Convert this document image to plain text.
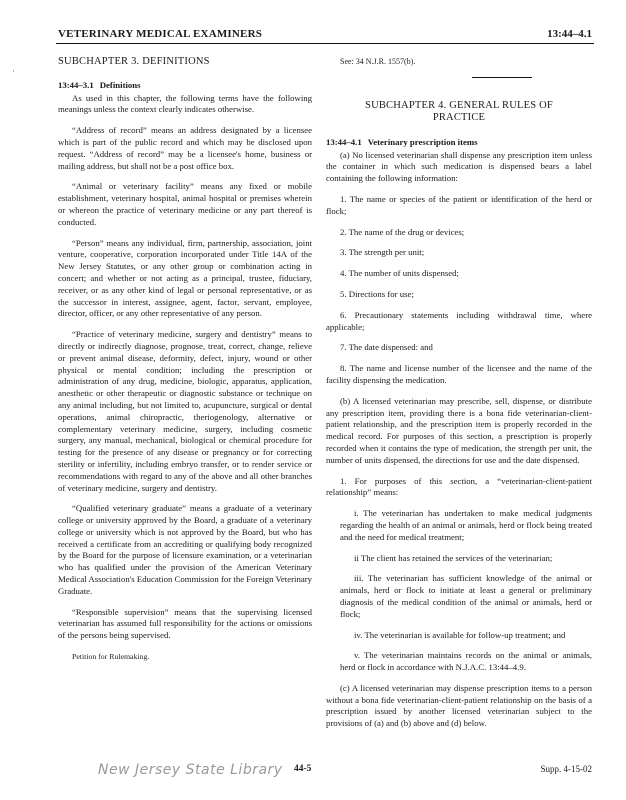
VETERINARY MEDICAL EXAMINERS	13:44–4.1
·
SUBCHAPTER 3. DEFINITIONS
13:44–3.1 Definitions

As used in this chapter, the following terms have the following meanings unless the context clearly indicates otherwise.

“Address of record” means an address designated by a licensee which is part of the public record and which may be disclosed upon request. “Address of record” may be a licensee's home, business or mailing address, but shall not be a post office box.

“Animal or veterinary facility” means any fixed or mobile establishment, veterinary hospital, animal hospital or premises wherein or whereon the practice of veterinary medicine or any part thereof is conducted.

“Person” means any individual, firm, partnership, association, joint venture, cooperative, corporation incorporated under Title 14A of the New Jersey Statutes, or any other group or combination acting in concert; and whether or not acting as a principal, trustee, fiduciary, receiver, or as any other kind of legal or personal representative, or as the successor in interest, assignee, agent, factor, servant, employee, director, officer, or any other representative of any person.

“Practice of veterinary medicine, surgery and dentistry” means to directly or indirectly diagnose, prognose, treat, correct, change, relieve or prevent animal disease, deformity, defect, injury, wound or other physical or mental condition; including the prescription or administration of any drug, medicine, biologic, apparatus, application, anesthetic or other therapeutic or diagnostic substance or technique on any animal including, but not limited to, acupuncture, surgical or dental operations, animal chiropractic, theriogenology, alternative or complementary veterinary medicine, surgery, including cosmetic surgery, any manual, mechanical, biological or chemical procedure for testing for the presence of any disease or pregnancy or for correcting sterility or infertility, including embryo transfer, or to render service or recommendations with regard to any of the above and all other branches of veterinary medicine, surgery and dentistry.

“Qualified veterinary graduate” means a graduate of a veterinary college or university approved by the Board, a graduate of a veterinary college or university which is not approved by the Board, but who has received a certificate from an accrediting or qualifying body recognized by the Board for the purpose of licensure examination, or a veterinarian who has qualified under the provision of the American Veterinary Medical Association's Education Commission for the Foreign Veterinary Graduate.

“Responsible supervision” means that the supervising licensed veterinarian has assumed full responsibility for the actions or omissions of the persons being supervised.

Petition for Rulemaking.

See: 34 N.J.R. 1557(b).

SUBCHAPTER 4. GENERAL RULES OF
PRACTICE
13:44–4.1 Veterinary prescription items

(a) No licensed veterinarian shall dispense any prescription item unless the container in which such medication is dispensed bears a label containing the following information:

1. The name or species of the patient or identification of the herd or flock;

2. The name of the drug or devices;

3. The strength per unit;

4. The number of units dispensed;

5. Directions for use;

6. Precautionary statements including withdrawal time, where applicable;

7. The date dispensed: and

8. The name and license number of the licensee and the name of the facility dispensing the medication.

(b) A licensed veterinarian may prescribe, sell, dispense, or distribute any prescription item, providing there is a bona fide veterinarian-client-patient relationship, and the prescription item is properly recorded in the medical record. For purposes of this section, a prescription is properly recorded when it contains the type of medication, the strength per unit, the number of units dispensed, the directions for use and the date dispensed.

1. For purposes of this section, a “veterinarian-client-patient relationship” means:

i. The veterinarian has undertaken to make medical judgments regarding the health of an animal or animals, herd or flock being treated and the need for medical treatment;

ii The client has retained the services of the veterinarian;

iii. The veterinarian has sufficient knowledge of the animal or animals, herd or flock to initiate at least a general or preliminary diagnosis of the medical condition of the animal or animals, herd or flock;

iv. The veterinarian is available for follow-up treatment; and

v. The veterinarian maintains records on the animal or animals, herd or flock in accordance with N.J.A.C. 13:44–4.9.

(c) A licensed veterinarian may dispense prescription items to a person without a bona fide veterinarian-client-patient relationship on the basis of a prescription issued by another licensed veterinarian subject to the provisions of (a) and (b) above and (d) below.

New Jersey State Library 44-5	Supp. 4-15-02
